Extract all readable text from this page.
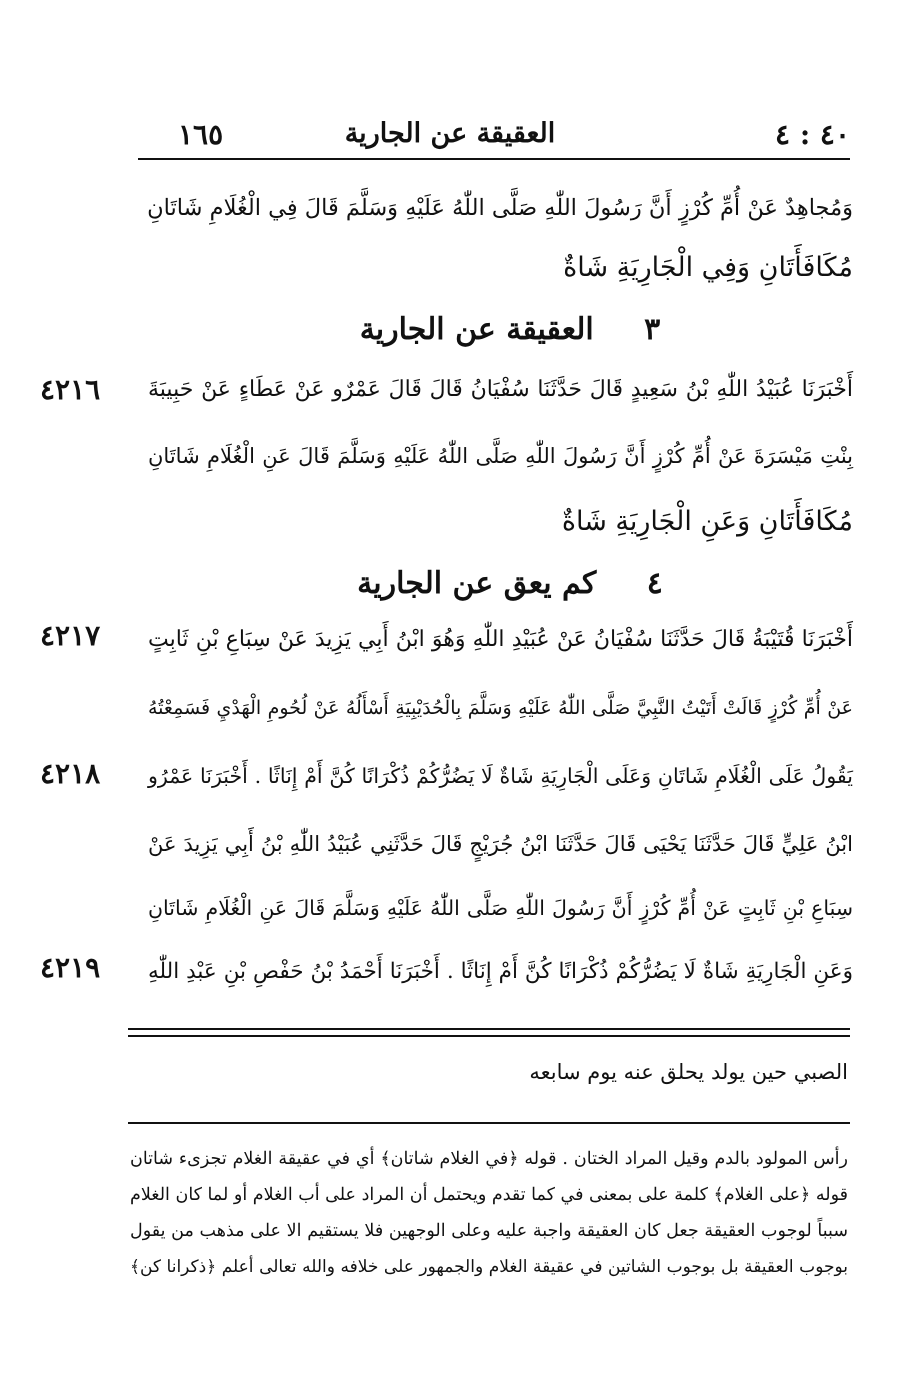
١٦٥	العقيقة عن الجارية	٤٠ : ٤
وَمُجاهِدٌ عَنْ أُمِّ كُرْزٍ أَنَّ رَسُولَ اللّٰهِ صَلَّى اللّٰهُ عَلَيْهِ وَسَلَّمَ قَالَ فِي الْغُلَامِ شَاتَانِ
مُكَافَأَتَانِ وَفِي الْجَارِيَةِ شَاةٌ
٣ العقيقة عن الجارية
٤٢١٦	أَخْبَرَنَا عُبَيْدُ اللّٰهِ بْنُ سَعِيدٍ قَالَ حَدَّثَنَا سُفْيَانُ قَالَ قَالَ عَمْرٌو عَنْ عَطَاءٍ عَنْ حَبِيبَةَ
بِنْتِ مَيْسَرَةَ عَنْ أُمِّ كُرْزٍ أَنَّ رَسُولَ اللّٰهِ صَلَّى اللّٰهُ عَلَيْهِ وَسَلَّمَ قَالَ عَنِ الْغُلَامِ شَاتَانِ
مُكَافَأَتَانِ وَعَنِ الْجَارِيَةِ شَاةٌ
٤ كم يعق عن الجارية
٤٢١٧	أَخْبَرَنَا قُتَيْبَةُ قَالَ حَدَّثَنَا سُفْيَانُ عَنْ عُبَيْدِ اللّٰهِ وَهُوَ ابْنُ أَبِي يَزِيدَ عَنْ سِبَاعِ بْنِ ثَابِتٍ
عَنْ أُمِّ كُرْزٍ قَالَتْ أَتَيْتُ النَّبِيَّ صَلَّى اللّٰهُ عَلَيْهِ وَسَلَّمَ بِالْحُدَيْبِيَةِ أَسْأَلُهُ عَنْ لُحُومِ الْهَدْيِ فَسَمِعْتُهُ
٤٢١٨	يَقُولُ عَلَى الْغُلَامِ شَاتَانِ وَعَلَى الْجَارِيَةِ شَاةٌ لَا يَضُرُّكُمْ ذُكْرَانًا كُنَّ أَمْ إِنَاثًا . أَخْبَرَنَا عَمْرُو
ابْنُ عَلِيٍّ قَالَ حَدَّثَنَا يَحْيَى قَالَ حَدَّثَنَا ابْنُ جُرَيْجٍ قَالَ حَدَّثَنِي عُبَيْدُ اللّٰهِ بْنُ أَبِي يَزِيدَ عَنْ
سِبَاعِ بْنِ ثَابِتٍ عَنْ أُمِّ كُرْزٍ أَنَّ رَسُولَ اللّٰهِ صَلَّى اللّٰهُ عَلَيْهِ وَسَلَّمَ قَالَ عَنِ الْغُلَامِ شَاتَانِ
٤٢١٩	وَعَنِ الْجَارِيَةِ شَاةٌ لَا يَضُرُّكُمْ ذُكْرَانًا كُنَّ أَمْ إِنَاثًا . أَخْبَرَنَا أَحْمَدُ بْنُ حَفْصِ بْنِ عَبْدِ اللّٰهِ
الصبي حين يولد يحلق عنه يوم سابعه
رأس المولود بالدم وقيل المراد الختان . قوله ﴿في الغلام شاتان﴾ أي في عقيقة الغلام تجزىء شاتان
قوله ﴿على الغلام﴾ كلمة على بمعنى في كما تقدم ويحتمل أن المراد على أب الغلام أو لما كان الغلام
سبباً لوجوب العقيقة جعل كان العقيقة واجبة عليه وعلى الوجهين فلا يستقيم الا على مذهب من يقول
بوجوب العقيقة بل بوجوب الشاتين في عقيقة الغلام والجمهور على خلافه والله تعالى أعلم ﴿ذكرانا كن﴾
